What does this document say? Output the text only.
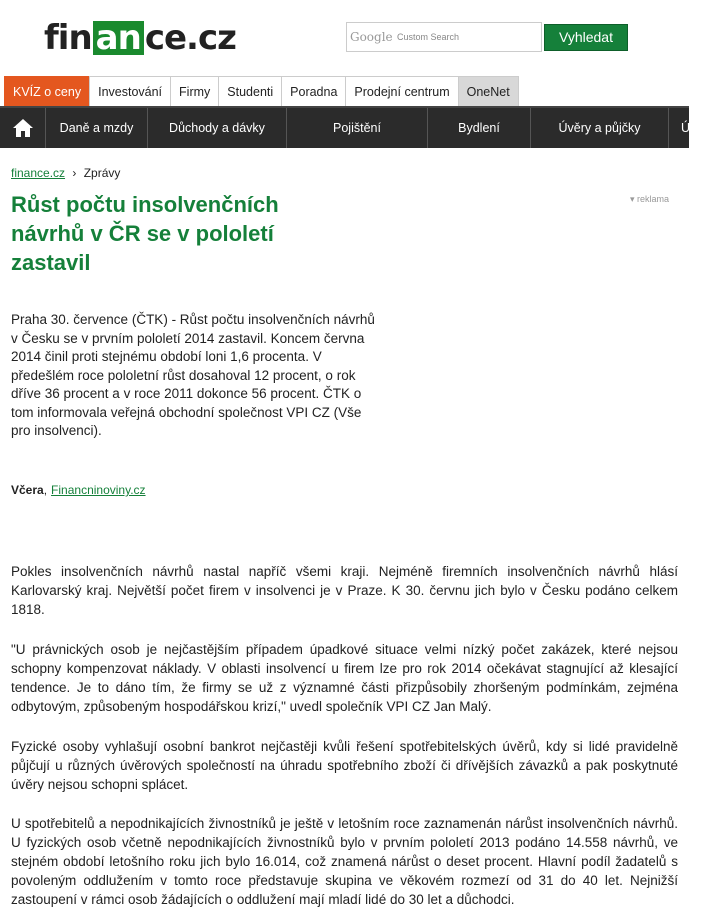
fin an ce.cz	Google Custom Search	Vyhledat
KVÍZ o ceny	Investování	Firmy	Studenti	Poradna	Prodejní centrum	OneNet
Daně a mzdy	Důchody a dávky	Pojištění	Bydlení	Úvěry a půjčky	Ú
finance.cz › Zprávy
▾ reklama
Růst počtu insolvenčních návrhů v ČR se v pololetí zastavil

Praha 30. července (ČTK) - Růst počtu insolvenčních návrhů v Česku se v prvním pololetí 2014 zastavil. Koncem června 2014 činil proti stejnému období loni 1,6 procenta. V předešlém roce pololetní růst dosahoval 12 procent, o rok dříve 36 procent a v roce 2011 dokonce 56 procent. ČTK o tom informovala veřejná obchodní společnost VPI CZ (Vše pro insolvenci).

Včera, Financninoviny.cz

Pokles insolvenčních návrhů nastal napříč všemi kraji. Nejméně firemních insolvenčních návrhů hlásí Karlovarský kraj. Největší počet firem v insolvenci je v Praze. K 30. červnu jich bylo v Česku podáno celkem 1818.

"U právnických osob je nejčastějším případem úpadkové situace velmi nízký počet zakázek, které nejsou schopny kompenzovat náklady. V oblasti insolvencí u firem lze pro rok 2014 očekávat stagnující až klesající tendence. Je to dáno tím, že firmy se už z významné části přizpůsobily zhoršeným podmínkám, zejména odbytovým, způsobeným hospodářskou krizí," uvedl společník VPI CZ Jan Malý.

Fyzické osoby vyhlašují osobní bankrot nejčastěji kvůli řešení spotřebitelských úvěrů, kdy si lidé pravidelně půjčují u různých úvěrových společností na úhradu spotřebního zboží či dřívějších závazků a pak poskytnuté úvěry nejsou schopni splácet.

U spotřebitelů a nepodnikajících živnostníků je ještě v letošním roce zaznamenán nárůst insolvenčních návrhů. U fyzických osob včetně nepodnikajících živnostníků bylo v prvním pololetí 2013 podáno 14.558 návrhů, ve stejném období letošního roku jich bylo 16.014, což znamená nárůst o deset procent. Hlavní podíl žadatelů s povoleným oddlužením v tomto roce představuje skupina ve věkovém rozmezí od 31 do 40 let. Nejnižší zastoupení v rámci osob žádajících o oddlužení mají mladí lidé do 30 let a důchodci.
